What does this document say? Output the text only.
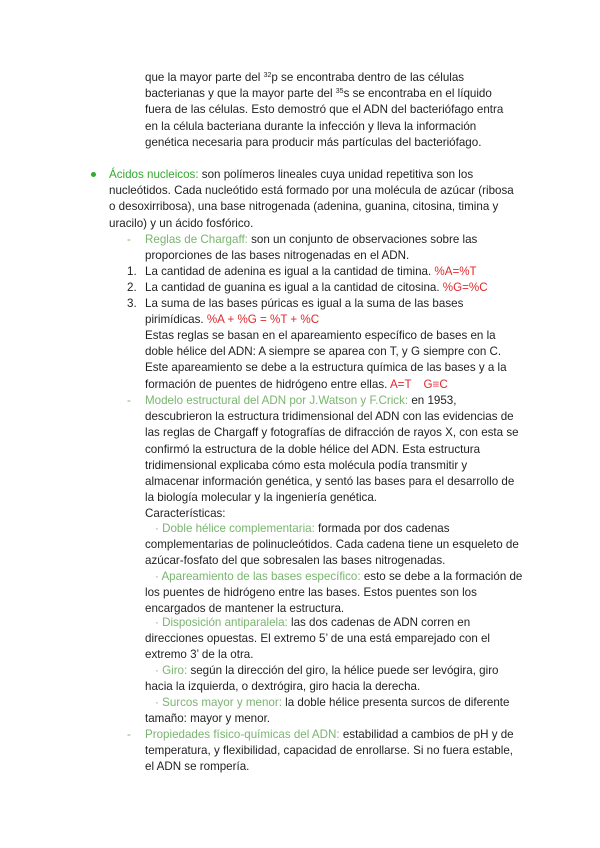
que la mayor parte del $^{32}$p se encontraba dentro de las células
bacterianas y que la mayor parte del $^{35}$s se encontraba en el líquido fuera de las células. Esto demostró que el ADN del bacteriófago entra en la célula bacteriana durante la infección y lleva la información genética necesaria para producir más partículas del bacteriófago.

Ácidos nucleicos: son polímeros lineales cuya unidad repetitiva son los nucleótidos. Cada nucleótido está formado por una molécula de azúcar (ribosa o desoxirribosa), una base nitrogenada (adenina, guanina, citosina, timina y uracilo) y un ácido fosfórico.

- Reglas de Chargaff: son un conjunto de observaciones sobre las proporciones de las bases nitrogenadas en el ADN.

1. La cantidad de adenina es igual a la cantidad de timina. %A=%T

2. La cantidad de guanina es igual a la cantidad de citosina. %G=%C

3. La suma de las bases púricas es igual a la suma de las bases pirimídicas. %A + %G = %T + %C

Estas reglas se basan en el apareamiento específico de bases en la doble hélice del ADN: A siempre se aparea con T, y G siempre con C. Este apareamiento se debe a la estructura química de las bases y a la formación de puentes de hidrógeno entre ellas. A=T G≡C

- Modelo estructural del ADN por J.Watson y F.Crick: en 1953, descubrieron la estructura tridimensional del ADN con las evidencias de las reglas de Chargaff y fotografías de difracción de rayos X, con esta se confirmó la estructura de la doble hélice del ADN. Esta estructura tridimensional explicaba cómo esta molécula podía transmitir y almacenar información genética, y sentó las bases para el desarrollo de la biología molecular y la ingeniería genética.
Características:

· Doble hélice complementaria: formada por dos cadenas complementarias de polinucleótidos. Cada cadena tiene un esqueleto de azúcar-fosfato del que sobresalen las bases nitrogenadas.

· Apareamiento de las bases específico: esto se debe a la formación de los puentes de hidrógeno entre las bases. Estos puentes son los encargados de mantener la estructura.

· Disposición antiparalela: las dos cadenas de ADN corren en direcciones opuestas. El extremo 5’ de una está emparejado con el extremo 3’ de la otra.

· Giro: según la dirección del giro, la hélice puede ser levógira, giro hacia la izquierda, o dextrógira, giro hacia la derecha.

· Surcos mayor y menor: la doble hélice presenta surcos de diferente tamaño: mayor y menor.

- Propiedades físico-químicas del ADN: estabilidad a cambios de pH y de temperatura, y flexibilidad, capacidad de enrollarse. Si no fuera estable, el ADN se rompería.
